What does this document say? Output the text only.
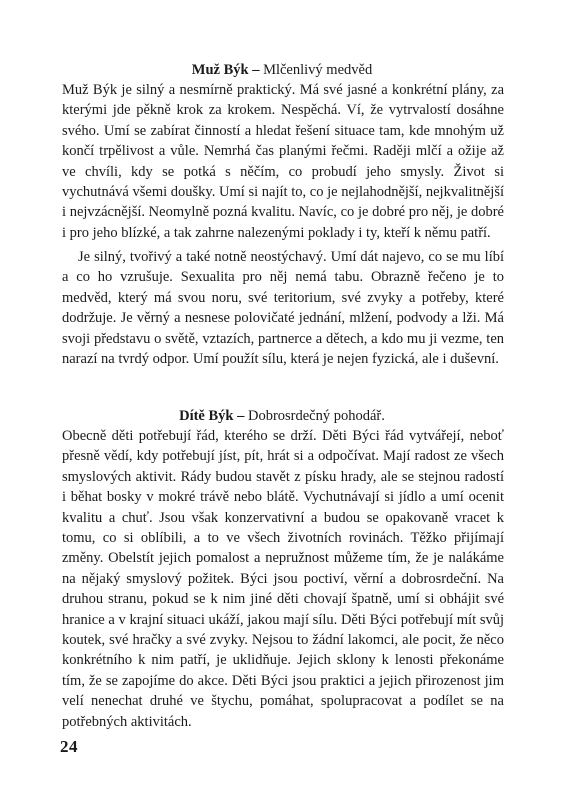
Muž Býk – Mlčenlivý medvěd

Muž Býk je silný a nesmírně praktický. Má své jasné a konkrétní plány, za kterými jde pěkně krok za krokem. Nespěchá. Ví, že vytrvalostí dosáhne svého. Umí se zabírat činností a hledat řešení situace tam, kde mnohým už končí trpělivost a vůle. Nemrhá čas planými řečmi. Raději mlčí a ožije až ve chvíli, kdy se potká s něčím, co probudí jeho smysly. Život si vychutnává všemi doušky. Umí si najít to, co je nejlahodnější, nejkvalitnější i nejvzácnější. Neomylně pozná kvalitu. Navíc, co je dobré pro něj, je dobré i pro jeho blízké, a tak zahrne nalezenými poklady i ty, kteří k němu patří.

Je silný, tvořivý a také notně neostýchavý. Umí dát najevo, co se mu líbí a co ho vzrušuje. Sexualita pro něj nemá tabu. Obrazně řečeno je to medvěd, který má svou noru, své teritorium, své zvyky a potřeby, které dodržuje. Je věrný a nesnese polovičaté jednání, mlžení, podvody a lži. Má svoji představu o světě, vztazích, partnerce a dětech, a kdo mu ji vezme, ten narazí na tvrdý odpor. Umí použít sílu, která je nejen fyzická, ale i duševní.

Dítě Býk – Dobrosrdečný pohodář.

Obecně děti potřebují řád, kterého se drží. Děti Býci řád vytvářejí, neboť přesně vědí, kdy potřebují jíst, pít, hrát si a odpočívat. Mají radost ze všech smyslových aktivit. Rády budou stavět z písku hrady, ale se stejnou radostí i běhat bosky v mokré trávě nebo blátě. Vychutnávají si jídlo a umí ocenit kvalitu a chuť. Jsou však konzervativní a budou se opakovaně vracet k tomu, co si oblíbili, a to ve všech životních rovinách. Těžko přijímají změny. Obelstít jejich pomalost a nepružnost můžeme tím, že je nalákáme na nějaký smyslový požitek. Býci jsou poctiví, věrní a dobrosrdeční. Na druhou stranu, pokud se k nim jiné děti chovají špatně, umí si obhájit své hranice a v krajní situaci ukáží, jakou mají sílu. Děti Býci potřebují mít svůj koutek, své hračky a své zvyky. Nejsou to žádní lakomci, ale pocit, že něco konkrétního k nim patří, je uklidňuje. Jejich sklony k lenosti překonáme tím, že se zapojíme do akce. Děti Býci jsou praktici a jejich přirozenost jim velí nenechat druhé ve štychu, pomáhat, spolupracovat a podílet se na potřebných aktivitách.

24
